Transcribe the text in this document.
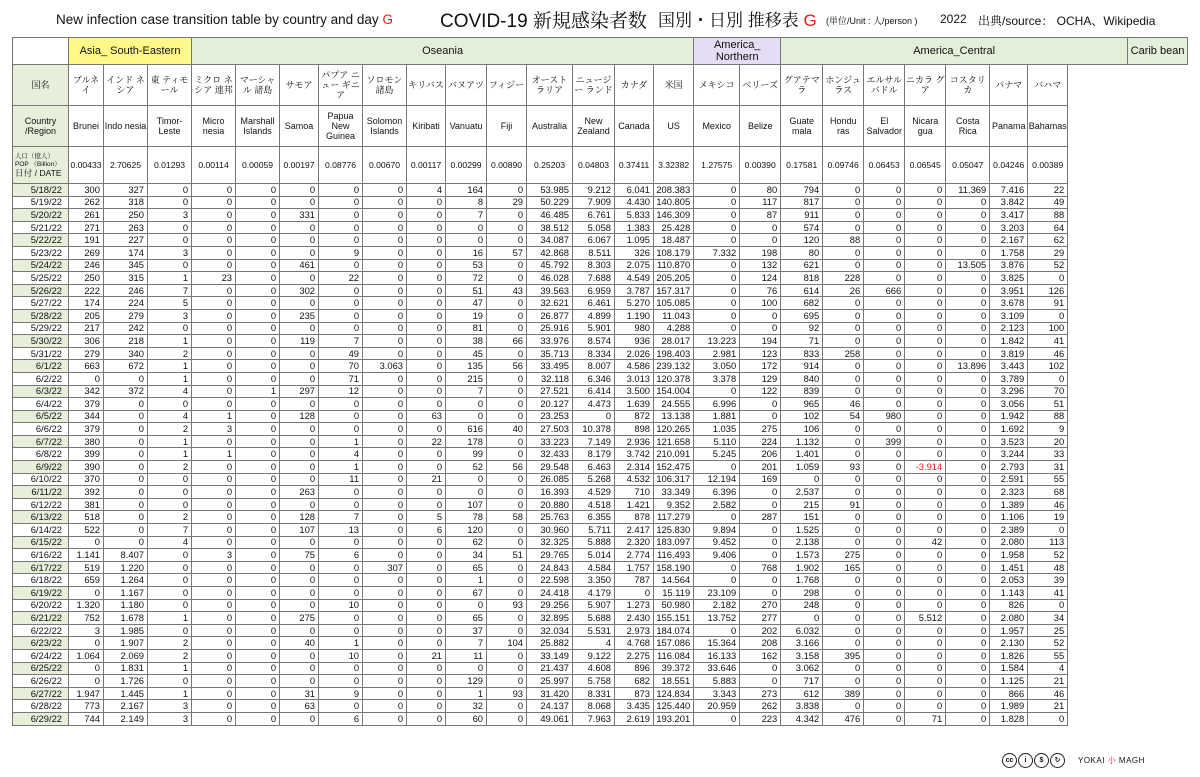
New infection case transition table by country and day G COVID-19 新規感染者数 国別・日別 推移表 G (単位/Unit : 人/person ) 2022 出典/source： OCHA、Wikipedia
	Asia_ South-Eastern			Oseania												America_ Northern		America_Central							Carib bean
国名	ブルネイ	インド ネシア	東 ティモール	ミクロ ネシア 連邦	マーシャル 諸島	サモア	パプア ニュー ギニア	ソロモン 諸島	キリバス	バヌアツ	フィジー	オースト ラリア	ニュージー ランド	カナダ	米国	メキシコ	ベリーズ	グアテマラ	ホンジュ ラス	エルサル バドル	ニカラ グア	コスタリカ	パナマ	バハマ	
Country /Region	Brunei	Indo nesia	Timor- Leste	Micro nesia	Marshall Islands	Samoa	Papua New Guinea	Solomon Islands	Kiribati	Vanuatu	Fiji	Australia	New Zealand	Canada	US	Mexico	Belize	Guate mala	Hondu ras	El Salvador	Nicara gua	Costa Rica	Panama	Bahamas	

人口（億人） POP （Billion）
日付 / DATE	0.00433	2.70625	0.01293	0.00114	0.00059	0.00197	0.08776	0.00670	0.00117	0.00299	0.00890	0.25203	0.04803	0.37411	3.32382	1.27575	0.00390	0.17581	0.09746	0.06453	0.06545	0.05047	0.04246	0.00389	
5/18/22	300	327	0	0	0	0	0	0	4	164	0	53.985	9.212	6.041	208.383	0	80	794	0	0	0	11.369	7.416	22	
5/19/22	262	318	0	0	0	0	0	0	0	8	29	50.229	7.909	4.430	140.805	0	117	817	0	0	0	0	3.842	49	
5/20/22	261	250	3	0	0	331	0	0	0	7	0	46.485	6.761	5.833	146.309	0	87	911	0	0	0	0	3.417	88	
5/21/22	271	263	0	0	0	0	0	0	0	0	0	38.512	5.058	1.383	25.428	0	0	574	0	0	0	0	3.203	64	
5/22/22	191	227	0	0	0	0	0	0	0	0	0	34.087	6.067	1.095	18.487	0	0	120	88	0	0	0	2.167	62	
5/23/22	269	174	3	0	0	0	9	0	0	16	57	42.868	8.511	326	108.179	7.332	198	80	0	0	0	0	1.758	29	
5/24/22	246	345	0	0	0	461	0	0	0	53	0	45.792	8.303	2.075	110.870	0	132	621	0	0	0	13.505	3.876	52	
5/25/22	250	315	1	23	0	0	22	0	0	72	0	46.028	7.688	4.549	205.205	0	124	818	228	0	0	0	3.825	0	
5/26/22	222	246	7	0	0	302	0	0	0	51	43	39.563	6.959	3.787	157.317	0	76	614	26	666	0	0	3.951	126	
5/27/22	174	224	5	0	0	0	0	0	0	47	0	32.621	6.461	5.270	105.085	0	100	682	0	0	0	0	3.678	91	
5/28/22	205	279	3	0	0	235	0	0	0	19	0	26.877	4.899	1.190	11.043	0	0	695	0	0	0	0	3.109	0	
5/29/22	217	242	0	0	0	0	0	0	0	81	0	25.916	5.901	980	4.288	0	0	92	0	0	0	0	2.123	100	
5/30/22	306	218	1	0	0	119	7	0	0	38	66	33.976	8.574	936	28.017	13.223	194	71	0	0	0	0	1.842	41	
5/31/22	279	340	2	0	0	0	49	0	0	45	0	35.713	8.334	2.026	198.403	2.981	123	833	258	0	0	0	3.819	46	
6/1/22	663	672	1	0	0	0	70	3.063	0	135	56	33.495	8.007	4.586	239.132	3.050	172	914	0	0	0	13.896	3.443	102	
6/2/22	0	0	1	0	0	0	71	0	0	215	0	32.118	6.346	3.013	120.378	3.378	129	840	0	0	0	0	3.789	0	
6/3/22	342	372	4	0	1	297	12	0	0	7	0	27.521	6.414	3.500	154.004	0	122	839	0	0	0	0	3.296	70	
6/4/22	379	0	0	0	0	0	0	0	0	0	0	20.127	4.473	1.639	24.555	6.996	0	965	46	0	0	0	3.056	51	
6/5/22	344	0	4	1	0	128	0	0	63	0	0	23.253	0	872	13.138	1.881	0	102	54	980	0	0	1.942	88	
6/6/22	379	0	2	3	0	0	0	0	0	616	40	27.503	10.378	898	120.265	1.035	275	106	0	0	0	0	1.692	9	
6/7/22	380	0	1	0	0	0	1	0	22	178	0	33.223	7.149	2.936	121.658	5.110	224	1.132	0	399	0	0	3.523	20	
6/8/22	399	0	1	1	0	0	4	0	0	99	0	32.433	8.179	3.742	210.091	5.245	206	1.401	0	0	0	0	3.244	33	
6/9/22	390	0	2	0	0	0	1	0	0	52	56	29.548	6.463	2.314	152.475	0	201	1.059	93	0	-3.914	0	2.793	31	
6/10/22	370	0	0	0	0	0	11	0	21	0	0	26.085	5.268	4.532	106.317	12.194	169	0	0	0	0	0	2.591	55	
6/11/22	392	0	0	0	0	263	0	0	0	0	0	16.393	4.529	710	33.349	6.396	0	2.537	0	0	0	0	2.323	68	
6/12/22	381	0	0	0	0	0	0	0	0	107	0	20.880	4.518	1.421	9.352	2.582	0	215	91	0	0	0	1.389	46	
6/13/22	518	0	2	0	0	128	7	0	5	78	58	25.763	6.355	878	117.279	0	287	151	0	0	0	0	1.106	19	
6/14/22	522	0	7	0	0	107	13	0	6	120	0	30.960	5.711	2.417	125.830	9.894	0	1.525	0	0	0	0	2.389	0	
6/15/22	0	0	4	0	0	0	0	0	0	62	0	32.325	5.888	2.320	183.097	9.452	0	2.138	0	0	42	0	2.080	113	
6/16/22	1.141	8.407	0	3	0	75	6	0	0	34	51	29.765	5.014	2.774	116.493	9.406	0	1.573	275	0	0	0	1.958	52	
6/17/22	519	1.220	0	0	0	0	0	307	0	65	0	24.843	4.584	1.757	158.190	0	768	1.902	165	0	0	0	1.451	48	
6/18/22	659	1.264	0	0	0	0	0	0	0	1	0	22.598	3.350	787	14.564	0	0	1.768	0	0	0	0	2.053	39	
6/19/22	0	1.167	0	0	0	0	0	0	0	67	0	24.418	4.179	0	15.119	23.109	0	298	0	0	0	0	1.143	41	
6/20/22	1.320	1.180	0	0	0	0	10	0	0	0	93	29.256	5.907	1.273	50.980	2.182	270	248	0	0	0	0	826	0	
6/21/22	752	1.678	1	0	0	275	0	0	0	65	0	32.895	5.688	2.430	155.151	13.752	277	0	0	0	5.512	0	2.080	34	
6/22/22	3	1.985	0	0	0	0	0	0	0	37	0	32.034	5.531	2.973	184.074	0	202	6.032	0	0	0	0	1.957	25	
6/23/22	0	1.907	2	0	0	40	1	0	0	7	104	25.882	4	4.768	157.086	15.364	208	3.166	0	0	0	0	2.130	52	
6/24/22	1.064	2.069	2	0	0	0	10	0	21	11	0	33.149	9.122	2.275	116.084	16.133	162	3.158	395	0	0	0	1.826	55	
6/25/22	0	1.831	1	0	0	0	0	0	0	0	0	21.437	4.608	896	39.372	33.646	0	3.062	0	0	0	0	1.584	4	
6/26/22	0	1.726	0	0	0	0	0	0	0	129	0	25.997	5.758	682	18.551	5.883	0	717	0	0	0	0	1.125	21	
6/27/22	1.947	1.445	1	0	0	31	9	0	0	1	93	31.420	8.331	873	124.834	3.343	273	612	389	0	0	0	866	46	
6/28/22	773	2.167	3	0	0	63	0	0	0	32	0	24.137	8.068	3.435	125.440	20.959	262	3.838	0	0	0	0	1.989	21	
6/29/22	744	2.149	3	0	0	0	6	0	0	60	0	49.061	7.963	2.619	193.201	0	223	4.342	476	0	71	0	1.828	0	
cc i $ ↻ YOKAI 小 MAGH
